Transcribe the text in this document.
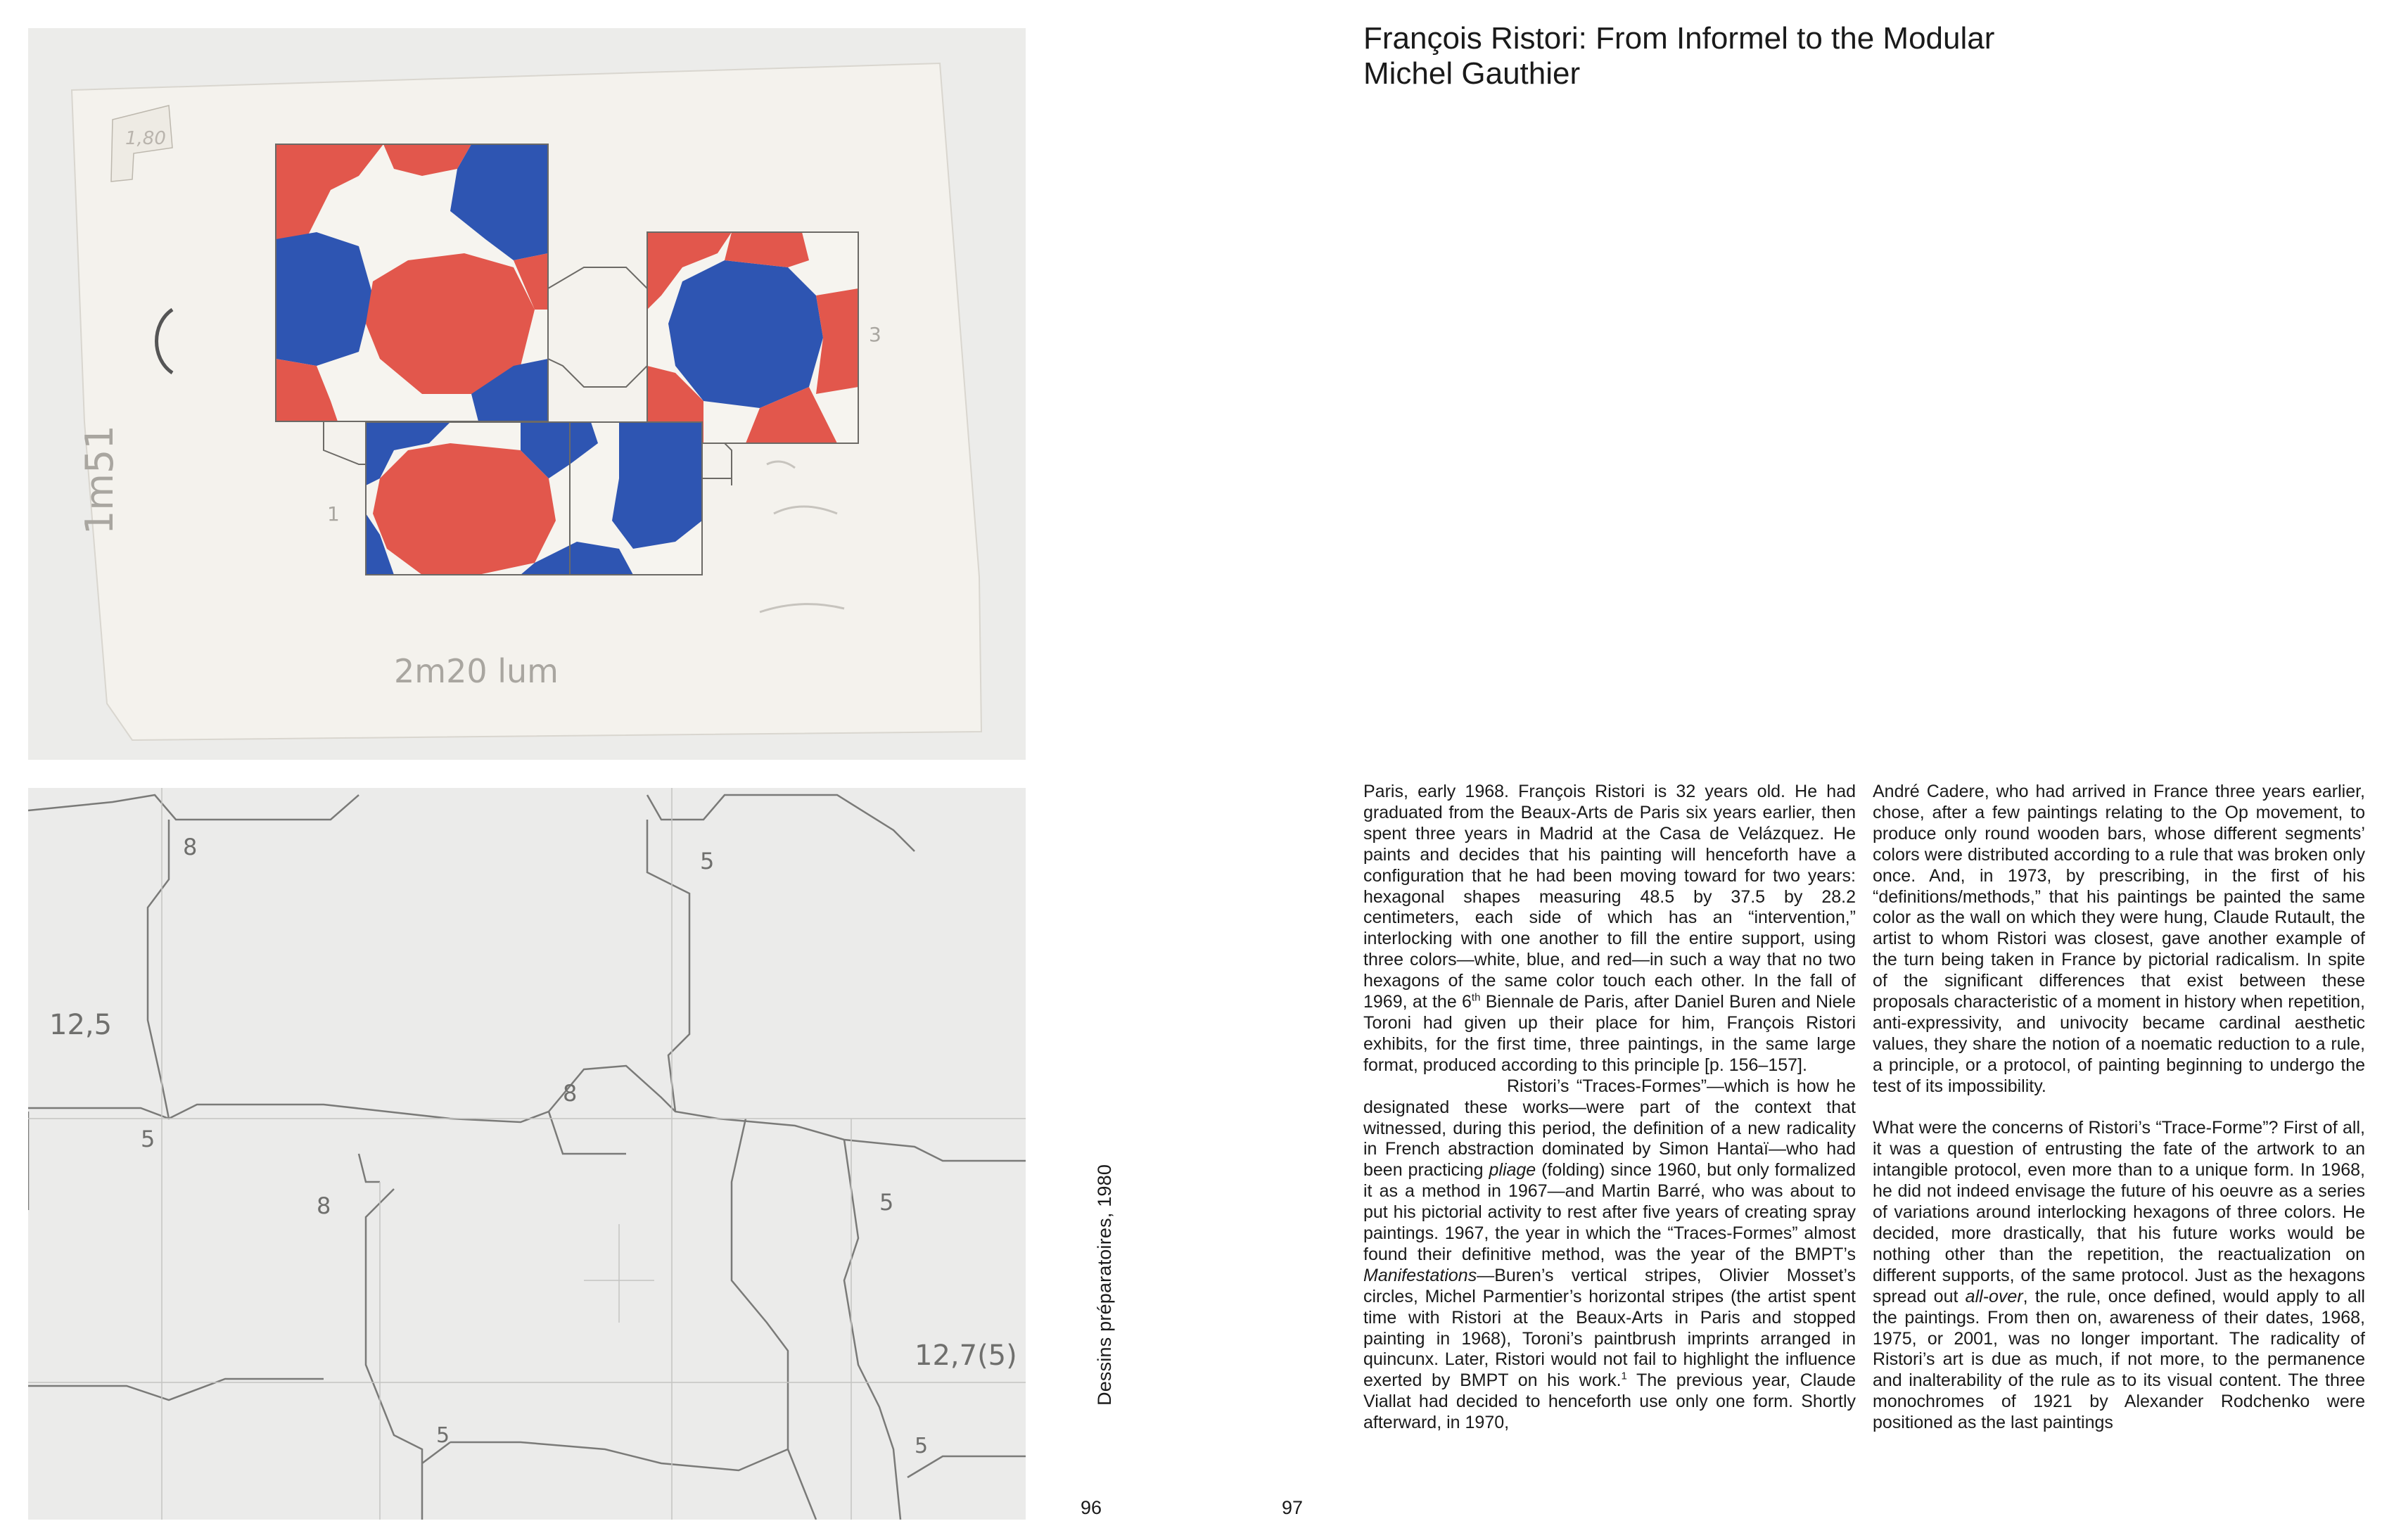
1,80
1m51
2m20 lum
1
3
8
5
12,5
8
5
8	5
12,7(5)
5	5
Dessins préparatoires, 1980
96	97
François Ristori: From Informel to the Modular
Michel Gauthier

Paris, early 1968. François Ristori is 32 years old. He had graduated from the Beaux-Arts de Paris six years earlier, then spent three years in Madrid at the Casa de Velázquez. He paints and decides that his painting will henceforth have a configuration that he had been moving toward for two years: hexagonal shapes measuring 48.5 by 37.5 by 28.2 centimeters, each side of which has an “intervention,” interlocking with one another to fill the entire support, using three colors—white, blue, and red—in such a way that no two hexagons of the same color touch each other. In the fall of 1969, at the 6th Biennale de Paris, after Daniel Buren and Niele Toroni had given up their place for him, François Ristori exhibits, for the first time, three paintings, in the same large format, produced according to this principle [p. 156–157].

Ristori’s “Traces-Formes”—which is how he designated these works—were part of the context that witnessed, during this period, the definition of a new radicality in French abstraction dominated by Simon Hantaï—who had been practicing pliage (folding) since 1960, but only formalized it as a method in 1967—and Martin Barré, who was about to put his pictorial activity to rest after five years of creating spray paintings. 1967, the year in which the “Traces-Formes” almost found their definitive method, was the year of the BMPT’s Manifestations—Buren’s vertical stripes, Olivier Mosset’s circles, Michel Parmentier’s horizontal stripes (the artist spent time with Ristori at the Beaux-Arts in Paris and stopped painting in 1968), Toroni’s paintbrush imprints arranged in quincunx. Later, Ristori would not fail to highlight the influence exerted by BMPT on his work.$^1$ The previous year, Claude Viallat had decided to henceforth use only one form. Shortly afterward, in 1970,

André Cadere, who had arrived in France three years earlier, chose, after a few paintings relating to the Op movement, to produce only round wooden bars, whose different segments’ colors were distributed according to a rule that was broken only once. And, in 1973, by prescribing, in the first of his “definitions/methods,” that his paintings be painted the same color as the wall on which they were hung, Claude Rutault, the artist to whom Ristori was closest, gave another example of the turn being taken in France by pictorial radicalism. In spite of the significant differences that exist between these proposals characteristic of a moment in history when repetition, anti-expressivity, and univocity became cardinal aesthetic values, they share the notion of a noematic reduction to a rule, a principle, or a protocol, of painting beginning to undergo the test of its impossibility.

What were the concerns of Ristori’s “Trace-Forme”? First of all, it was a question of entrusting the fate of the artwork to an intangible protocol, even more than to a unique form. In 1968, he did not indeed envisage the future of his oeuvre as a series of variations around interlocking hexagons of three colors. He decided, more drastically, that his future works would be nothing other than the repetition, the reactualization on different supports, of the same protocol. Just as the hexagons spread out all-over, the rule, once defined, would apply to all the paintings. From then on, awareness of their dates, 1968, 1975, or 2001, was no longer important. The radicality of Ristori’s art is due as much, if not more, to the permanence and inalterability of the rule as to its visual content. The three monochromes of 1921 by Alexander Rodchenko were positioned as the last paintings
